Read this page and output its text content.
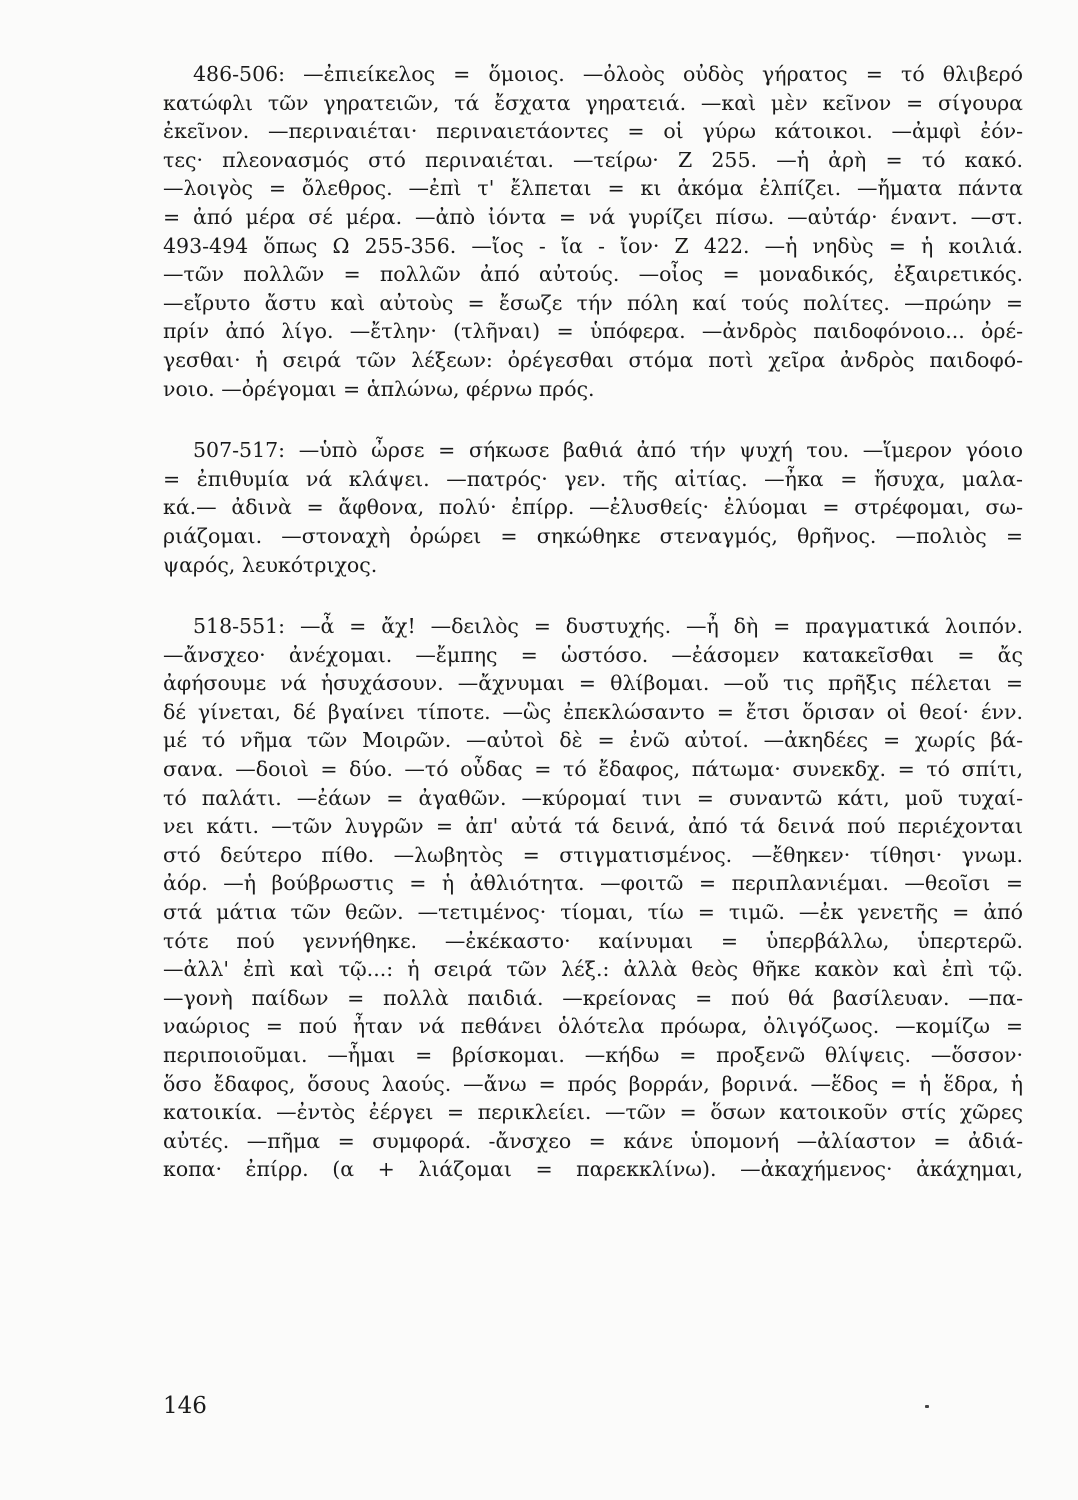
486-506: —ἐπιείκελος = ὅμοιος. —ὀλοὸς οὐδὸς γήρατος = τό θλιβερό
κατώφλι τῶν γηρατειῶν, τά ἔσχατα γηρατειά. —καὶ μὲν κεῖνον = σίγουρα
ἐκεῖνον. —περιναιέται· περιναιετάοντες = οἱ γύρω κάτοικοι. —ἀμφὶ ἐόν-
τες· πλεονασμός στό περιναιέται. —τείρω· Ζ 255. —ἡ ἀρὴ = τό κακό.
—λοιγὸς = ὄλεθρος. —ἐπὶ τ' ἔλπεται = κι ἀκόμα ἐλπίζει. —ἤματα πάντα
= ἀπό μέρα σέ μέρα. —ἀπὸ ἰόντα = νά γυρίζει πίσω. —αὐτάρ· έναντ. —στ.
493-494 ὅπως Ω 255-356. —ἴος - ἴα - ἴον· Ζ 422. —ἡ νηδὺς = ἡ κοιλιά.
—τῶν πολλῶν = πολλῶν ἀπό αὐτούς. —οἶος = μοναδικός, ἐξαιρετικός.
—εἴρυτο ἄστυ καὶ αὐτοὺς = ἔσωζε τήν πόλη καί τούς πολίτες. —πρώην =
πρίν ἀπό λίγο. —ἔτλην· (τλῆναι) = ὑπόφερα. —ἀνδρὸς παιδοφόνοιο... ὀρέ-
γεσθαι· ἡ σειρά τῶν λέξεων: ὀρέγεσθαι στόμα ποτὶ χεῖρα ἀνδρὸς παιδοφό-
νοιο. —ὀρέγομαι = ἁπλώνω, φέρνω πρός.
507-517: —ὑπὸ ὦρσε = σήκωσε βαθιά ἀπό τήν ψυχή του. —ἵμερον γόοιο
= ἐπιθυμία νά κλάψει. —πατρός· γεν. τῆς αἰτίας. —ἦκα = ἥσυχα, μαλα-
κά.— ἀδινὰ = ἄφθονα, πολύ· ἐπίρρ. —ἐλυσθείς· ἐλύομαι = στρέφομαι, σω-
ριάζομαι. —στοναχὴ ὀρώρει = σηκώθηκε στεναγμός, θρῆνος. —πολιὸς =
ψαρός, λευκότριχος.
518-551: —ἆ = ἄχ! —δειλὸς = δυστυχής. —ἦ δὴ = πραγματικά λοιπόν.
—ἄνσχεο· ἀνέχομαι. —ἔμπης = ὡστόσο. —ἐάσομεν κατακεῖσθαι = ἄς
ἀφήσουμε νά ἡσυχάσουν. —ἄχνυμαι = θλίβομαι. —οὔ τις πρῆξις πέλεται =
δέ γίνεται, δέ βγαίνει τίποτε. —ὣς ἐπεκλώσαντο = ἔτσι ὅρισαν οἱ θεοί· ένν.
μέ τό νῆμα τῶν Μοιρῶν. —αὐτοὶ δὲ = ἐνῶ αὐτοί. —ἀκηδέες = χωρίς βά-
σανα. —δοιοὶ = δύο. —τό οὖδας = τό ἔδαφος, πάτωμα· συνεκδχ. = τό σπίτι,
τό παλάτι. —ἐάων = ἀγαθῶν. —κύρομαί τινι = συναντῶ κάτι, μοῦ τυχαί-
νει κάτι. —τῶν λυγρῶν = ἀπ' αὐτά τά δεινά, ἀπό τά δεινά πού περιέχονται
στό δεύτερο πίθο. —λωβητὸς = στιγματισμένος. —ἔθηκεν· τίθησι· γνωμ.
ἀόρ. —ἡ βούβρωστις = ἡ ἀθλιότητα. —φοιτῶ = περιπλανιέμαι. —θεοῖσι =
στά μάτια τῶν θεῶν. —τετιμένος· τίομαι, τίω = τιμῶ. —ἐκ γενετῆς = ἀπό
τότε πού γεννήθηκε. —ἐκέκαστο· καίνυμαι = ὑπερβάλλω, ὑπερτερῶ.
—ἀλλ' ἐπὶ καὶ τῷ...: ἡ σειρά τῶν λέξ.: ἀλλὰ θεὸς θῆκε κακὸν καὶ ἐπὶ τῷ.
—γονὴ παίδων = πολλὰ παιδιά. —κρείονας = πού θά βασίλευαν. —πα-
ναώριος = πού ἦταν νά πεθάνει ὁλότελα πρόωρα, ὀλιγόζωος. —κομίζω =
περιποιοῦμαι. —ἧμαι = βρίσκομαι. —κήδω = προξενῶ θλίψεις. —ὅσσον·
ὅσο ἔδαφος, ὅσους λαούς. —ἄνω = πρός βορράν, βορινά. —ἕδος = ἡ ἕδρα, ἡ
κατοικία. —ἐντὸς ἐέργει = περικλείει. —τῶν = ὅσων κατοικοῦν στίς χῶρες
αὐτές. —πῆμα = συμφορά. -ἄνσχεο = κάνε ὑπομονή —ἀλίαστον = ἀδιά-
κοπα· ἐπίρρ. (α + λιάζομαι = παρεκκλίνω). —ἀκαχήμενος· ἀκάχημαι,
146
